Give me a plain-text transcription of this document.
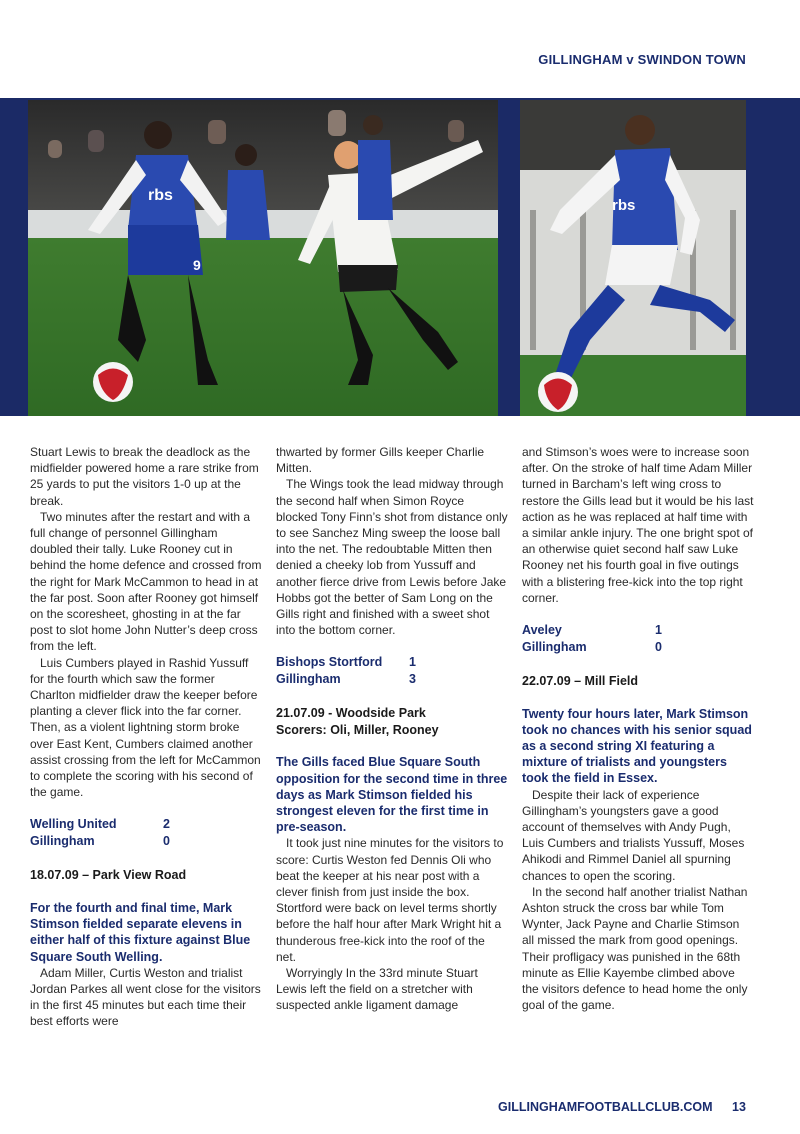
GILLINGHAM v SWINDON TOWN
rbs
9
rbs

Stuart Lewis to break the deadlock as the midfielder powered home a rare strike from 25 yards to put the visitors 1-0 up at the break.

Two minutes after the restart and with a full change of personnel Gillingham doubled their tally. Luke Rooney cut in behind the home defence and crossed from the right for Mark McCammon to head in at the far post. Soon after Rooney got himself on the scoresheet, ghosting in at the far post to slot home John Nutter’s deep cross from the left.

Luis Cumbers played in Rashid Yussuff for the fourth which saw the former Charlton midfielder draw the keeper before planting a clever flick into the far corner. Then, as a violent lightning storm broke over East Kent, Cumbers claimed another assist crossing from the left for McCammon to complete the scoring with his second of the game.

Welling United	2
Gillingham	0
18.07.09 – Park View Road
For the fourth and final time, Mark Stimson fielded separate elevens in either half of this fixture against Blue Square South Welling.

Adam Miller, Curtis Weston and trialist Jordan Parkes all went close for the visitors in the first 45 minutes but each time their best efforts were

thwarted by former Gills keeper Charlie Mitten.

The Wings took the lead midway through the second half when Simon Royce blocked Tony Finn’s shot from distance only to see Sanchez Ming sweep the loose ball into the net. The redoubtable Mitten then denied a cheeky lob from Yussuff and another fierce drive from Lewis before Jake Hobbs got the better of Sam Long on the Gills right and finished with a sweet shot into the bottom corner.

Bishops Stortford 1
Gillingham	3
21.07.09 - Woodside Park
Scorers: Oli, Miller, Rooney
The Gills faced Blue Square South opposition for the second time in three days as Mark Stimson fielded his strongest eleven for the first time in pre-season.

It took just nine minutes for the visitors to score: Curtis Weston fed Dennis Oli who beat the keeper at his near post with a clever finish from just inside the box. Stortford were back on level terms shortly before the half hour after Mark Wright hit a thunderous free-kick into the roof of the net.

Worryingly In the 33rd minute Stuart Lewis left the field on a stretcher with suspected ankle ligament damage

and Stimson’s woes were to increase soon after. On the stroke of half time Adam Miller turned in Barcham’s left wing cross to restore the Gills lead but it would be his last action as he was replaced at half time with a similar ankle injury. The one bright spot of an otherwise quiet second half saw Luke Rooney net his fourth goal in five outings with a blistering free-kick into the top right corner.

Aveley	1
Gillingham	0
22.07.09 – Mill Field
Twenty four hours later, Mark Stimson took no chances with his senior squad as a second string XI featuring a mixture of trialists and youngsters took the field in Essex.

Despite their lack of experience Gillingham’s youngsters gave a good account of themselves with Andy Pugh, Luis Cumbers and trialists Yussuff, Moses Ahikodi and Rimmel Daniel all spurning chances to open the scoring.

In the second half another trialist Nathan Ashton struck the cross bar while Tom Wynter, Jack Payne and Charlie Stimson all missed the mark from good openings. Their profligacy was punished in the 68th minute as Ellie Kayembe climbed above the visitors defence to head home the only goal of the game.

GILLINGHAMFOOTBALLCLUB.COM 13
